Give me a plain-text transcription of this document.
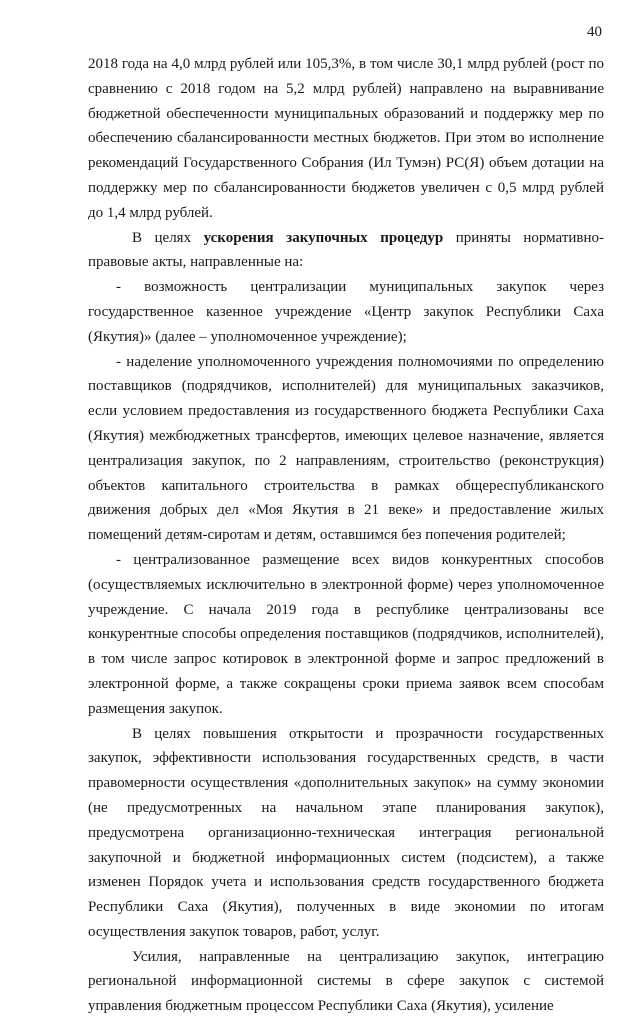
40

2018 года на 4,0 млрд рублей или 105,3%, в том числе 30,1 млрд рублей (рост по сравнению с 2018 годом на 5,2 млрд рублей) направлено на выравнивание бюджетной обеспеченности муниципальных образований и поддержку мер по обеспечению сбалансированности местных бюджетов. При этом во исполнение рекомендаций Государственного Собрания (Ил Тумэн) РС(Я) объем дотации на поддержку мер по сбалансированности бюджетов увеличен с 0,5 млрд рублей до 1,4 млрд рублей.

В целях ускорения закупочных процедур приняты нормативно-правовые акты, направленные на:

- возможность централизации муниципальных закупок через государственное казенное учреждение «Центр закупок Республики Саха (Якутия)» (далее – уполномоченное учреждение);

- наделение уполномоченного учреждения полномочиями по определению поставщиков (подрядчиков, исполнителей) для муниципальных заказчиков, если условием предоставления из государственного бюджета Республики Саха (Якутия) межбюджетных трансфертов, имеющих целевое назначение, является централизация закупок, по 2 направлениям, строительство (реконструкция) объектов капитального строительства в рамках общереспубликанского движения добрых дел «Моя Якутия в 21 веке» и предоставление жилых помещений детям-сиротам и детям, оставшимся без попечения родителей;

- централизованное размещение всех видов конкурентных способов (осуществляемых исключительно в электронной форме) через уполномоченное учреждение. С начала 2019 года в республике централизованы все конкурентные способы определения поставщиков (подрядчиков, исполнителей), в том числе запрос котировок в электронной форме и запрос предложений в электронной форме, а также сокращены сроки приема заявок всем способам размещения закупок.

В целях повышения открытости и прозрачности государственных закупок, эффективности использования государственных средств, в части правомерности осуществления «дополнительных закупок» на сумму экономии (не предусмотренных на начальном этапе планирования закупок), предусмотрена организационно-техническая интеграция региональной закупочной и бюджетной информационных систем (подсистем), а также изменен Порядок учета и использования средств государственного бюджета Республики Саха (Якутия), полученных в виде экономии по итогам осуществления закупок товаров, работ, услуг.

Усилия, направленные на централизацию закупок, интеграцию региональной информационной системы в сфере закупок с системой управления бюджетным процессом Республики Саха (Якутия), усиление
